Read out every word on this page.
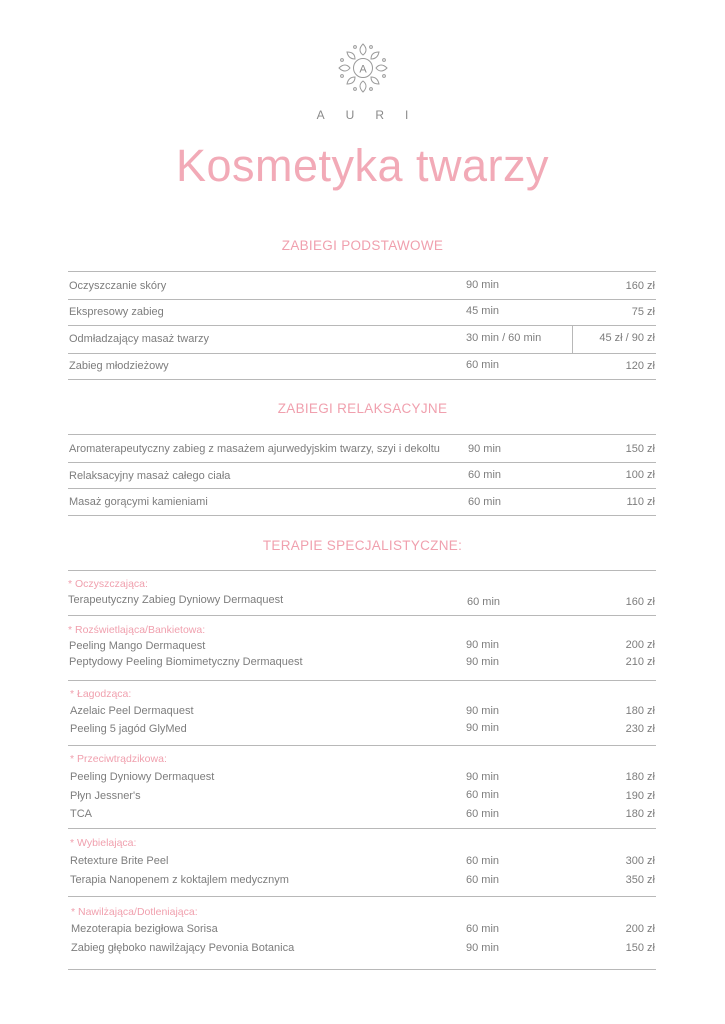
A
AURI
Kosmetyka twarzy
ZABIEGI PODSTAWOWE
Oczyszczanie skóry	90 min	160 zł
Ekspresowy zabieg	45 min	75 zł
Odmładzający masaż twarzy	30 min / 60 min	45 zł / 90 zł
Zabieg młodzieżowy	60 min	120 zł
ZABIEGI RELAKSACYJNE
Aromaterapeutyczny zabieg z masażem ajurwedyjskim twarzy, szyi i dekoltu	90 min	150 zł
Relaksacyjny masaż całego ciała	60 min	100 zł
Masaż gorącymi kamieniami	60 min	110 zł
TERAPIE SPECJALISTYCZNE:
* Oczyszczająca:
Terapeutyczny Zabieg Dyniowy Dermaquest	60 min	160 zł
* Rozświetlająca/Bankietowa:
Peeling Mango Dermaquest	90 min	200 zł
Peptydowy Peeling Biomimetyczny Dermaquest	90 min	210 zł
* Łagodząca:
Azelaic Peel Dermaquest	90 min	180 zł
Peeling 5 jagód GlyMed	90 min	230 zł
* Przeciwtrądzikowa:
Peeling Dyniowy Dermaquest	90 min	180 zł
Płyn Jessner's	60 min	190 zł
TCA	60 min	180 zł
* Wybielająca:
Retexture Brite Peel	60 min	300 zł
Terapia Nanopenem z koktajlem medycznym	60 min	350 zł
* Nawilżająca/Dotleniająca:
Mezoterapia bezigłowa Sorisa	60 min	200 zł
Zabieg głęboko nawilżający Pevonia Botanica	90 min	150 zł
